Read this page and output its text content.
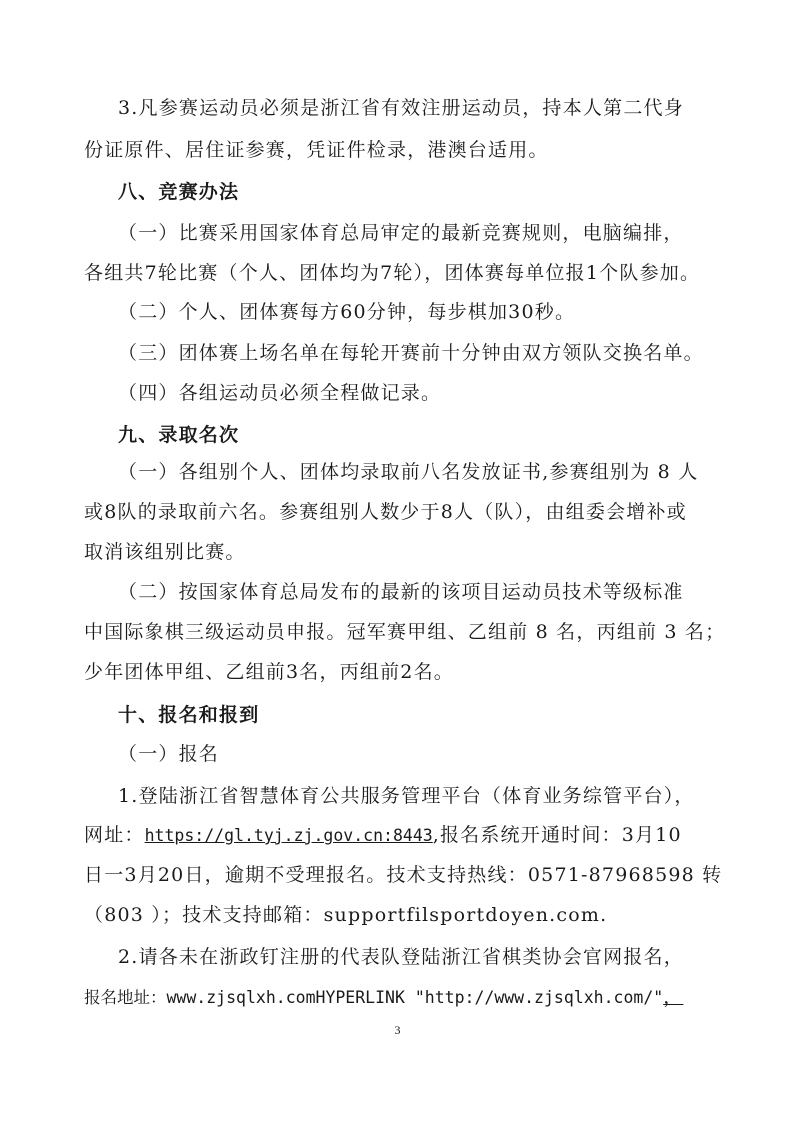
3.凡参赛运动员必须是浙江省有效注册运动员，持本人第二代身
份证原件、居住证参赛，凭证件检录，港澳台适用。
八、竞赛办法
（一）比赛采用国家体育总局审定的最新竞赛规则，电脑编排，
各组共7轮比赛（个人、团体均为7轮），团体赛每单位报1个队参加。
（二）个人、团体赛每方60分钟，每步棋加30秒。
（三）团体赛上场名单在每轮开赛前十分钟由双方领队交换名单。
（四）各组运动员必须全程做记录。
九、录取名次
（一）各组别个人、团体均录取前八名发放证书,参赛组别为 8 人
或8队的录取前六名。参赛组别人数少于8人（队），由组委会增补或
取消该组别比赛。
（二）按国家体育总局发布的最新的该项目运动员技术等级标准
中国际象棋三级运动员申报。冠军赛甲组、乙组前 8 名，丙组前 3 名；
少年团体甲组、乙组前3名，丙组前2名。
十、报名和报到
（一）报名
1.登陆浙江省智慧体育公共服务管理平台（体育业务综管平台），
网址：https://gl.tyj.zj.gov.cn:8443,报名系统开通时间：3月10
日一3月20日，逾期不受理报名。技术支持热线：0571-87968598 转
（803 ）；技术支持邮箱：supportfilsportdoyen.com.
2.请各未在浙政钉注册的代表队登陆浙江省棋类协会官网报名，
报名地址：www.zjsqlxh.comHYPERLINK "http://www.zjsqlxh.com/"，
3
